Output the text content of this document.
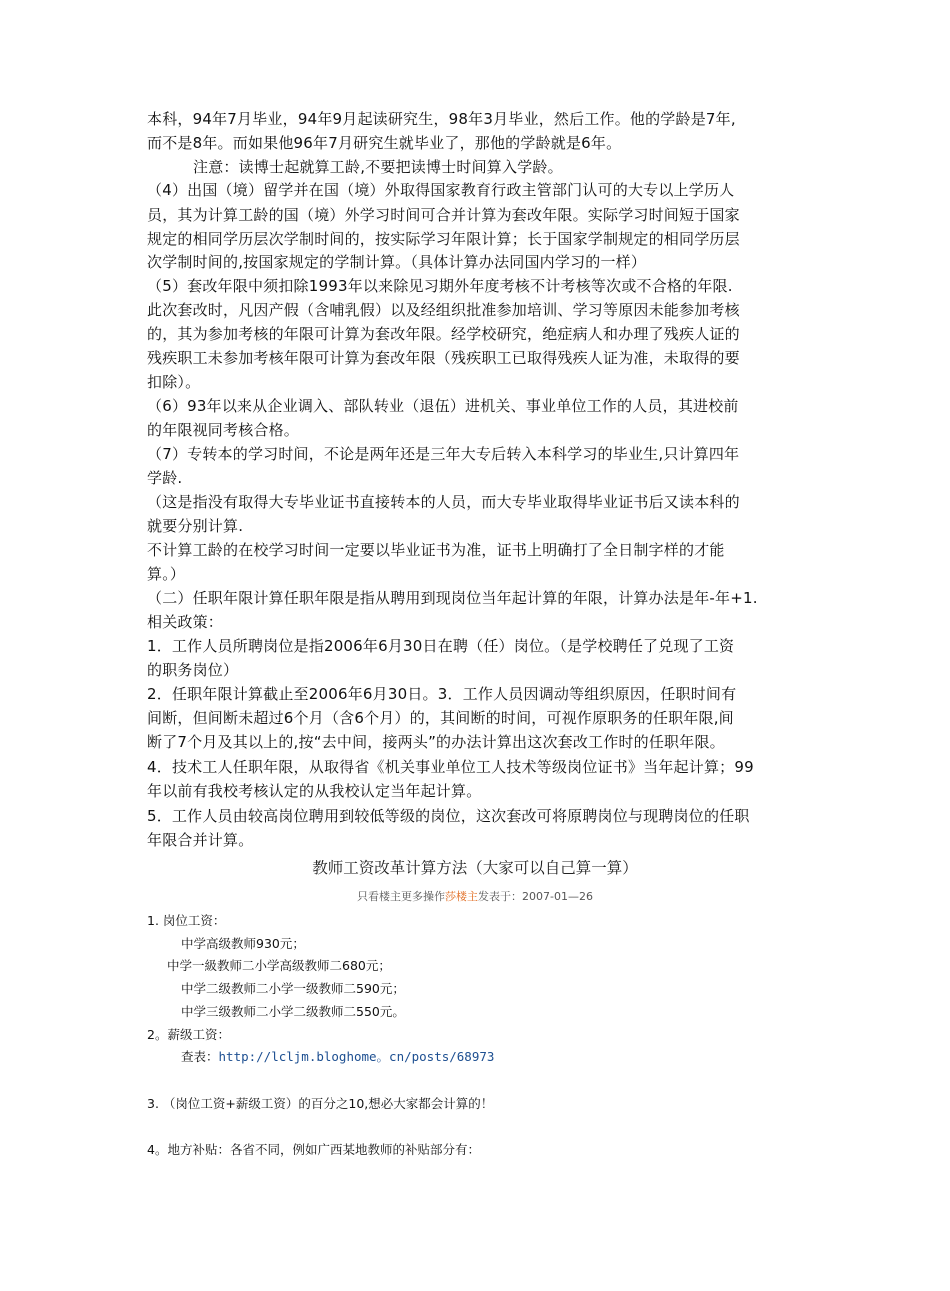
本科，94年7月毕业，94年9月起读研究生，98年3月毕业，然后工作。他的学龄是7年,
而不是8年。而如果他96年7月研究生就毕业了，那他的学龄就是6年。
注意：读博士起就算工龄,不要把读博士时间算入学龄。
（4）出国（境）留学并在国（境）外取得国家教育行政主管部门认可的大专以上学历人
员，其为计算工龄的国（境）外学习时间可合并计算为套改年限。实际学习时间短于国家
规定的相同学历层次学制时间的，按实际学习年限计算；长于国家学制规定的相同学历层
次学制时间的,按国家规定的学制计算。（具体计算办法同国内学习的一样）
（5）套改年限中须扣除1993年以来除见习期外年度考核不计考核等次或不合格的年限.
此次套改时，凡因产假（含哺乳假）以及经组织批准参加培训、学习等原因未能参加考核
的，其为参加考核的年限可计算为套改年限。经学校研究，绝症病人和办理了残疾人证的
残疾职工未参加考核年限可计算为套改年限（残疾职工已取得残疾人证为准，未取得的要
扣除）。
（6）93年以来从企业调入、部队转业（退伍）进机关、事业单位工作的人员，其进校前
的年限视同考核合格。
（7）专转本的学习时间，不论是两年还是三年大专后转入本科学习的毕业生,只计算四年
学龄.
（这是指没有取得大专毕业证书直接转本的人员，而大专毕业取得毕业证书后又读本科的
就要分别计算.
不计算工龄的在校学习时间一定要以毕业证书为准，证书上明确打了全日制字样的才能
算。）
（二）任职年限计算任职年限是指从聘用到现岗位当年起计算的年限，计算办法是年-年+1.
相关政策：
1．工作人员所聘岗位是指2006年6月30日在聘（任）岗位。（是学校聘任了兑现了工资
的职务岗位）
2．任职年限计算截止至2006年6月30日。3．工作人员因调动等组织原因，任职时间有
间断，但间断未超过6个月（含6个月）的，其间断的时间，可视作原职务的任职年限,间
断了7个月及其以上的,按“去中间，接两头”的办法计算出这次套改工作时的任职年限。
4．技术工人任职年限，从取得省《机关事业单位工人技术等级岗位证书》当年起计算；99
年以前有我校考核认定的从我校认定当年起计算。
5．工作人员由较高岗位聘用到较低等级的岗位，这次套改可将原聘岗位与现聘岗位的任职
年限合并计算。
教师工资改革计算方法（大家可以自己算一算）
只看楼主更多操作莎楼主发表于：2007-01—26
1. 岗位工资：
中学高级教师930元；
中学一級教师二小学高级教师二680元；
中学二级教师二小学一级教师二590元；
中学三级教师二小学二级教师二550元。
2。薪级工资：
查表：http://lcljm.bloghome。cn/posts/68973
3. （岗位工资+薪级工资）的百分之10,想必大家都会计算的！
4。地方补贴：各省不同，例如广西某地教师的补贴部分有：
